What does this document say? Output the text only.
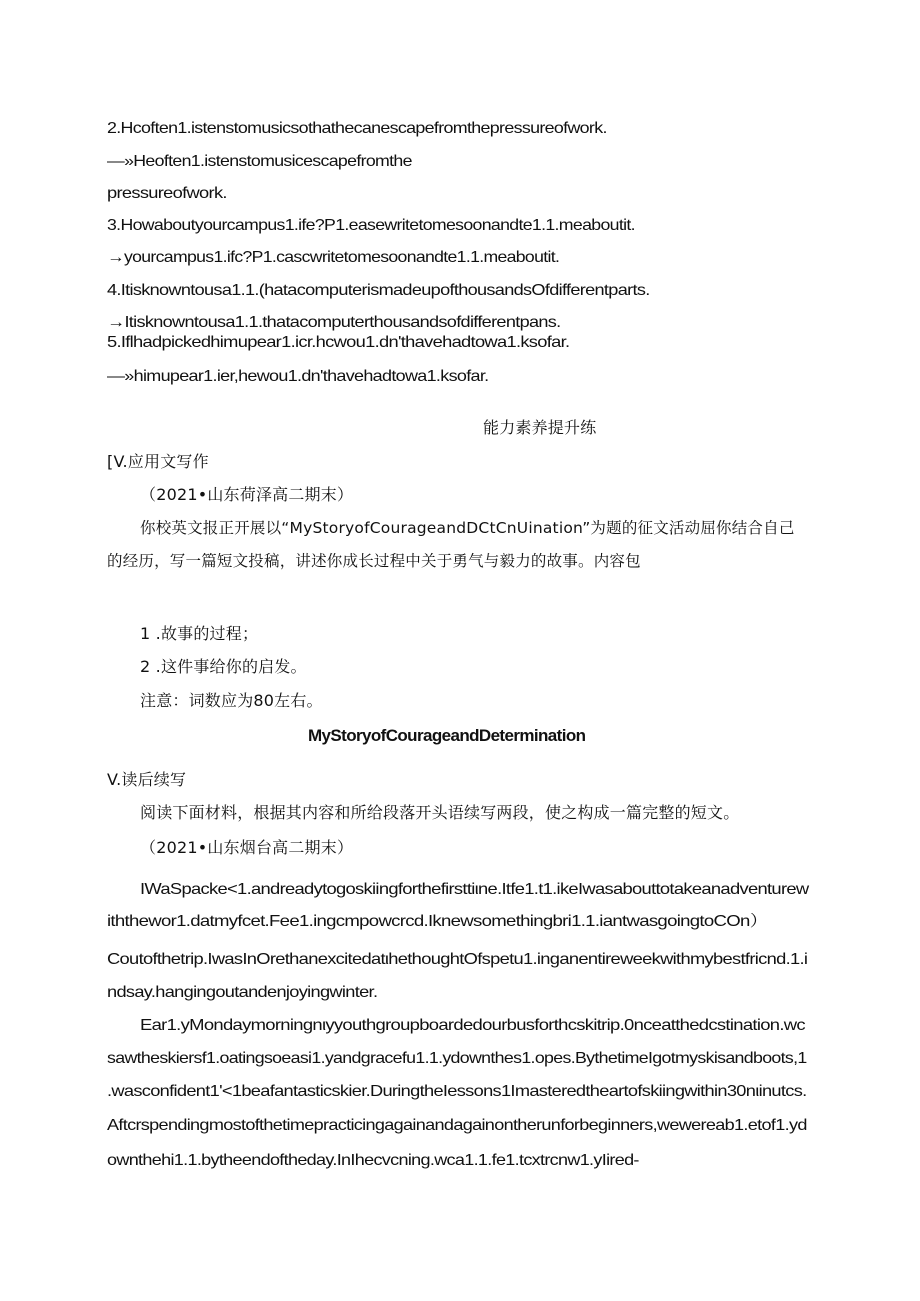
2.Hcoften1.istenstomusicsothathecanescapefromthepressureofwork.
—»Heoften1.istenstomusicescapefromthe
pressureofwork.
3.Howaboutyourcampus1.ife?P1.easewritetomesoonandte1.1.meaboutit.
→yourcampus1.ifc?P1.cascwritetomesoonandte1.1.meaboutit.
4.Itisknowntousa1.1.(hatacomputerismadeupofthousandsOfdifferentparts.
→Itisknowntousa1.1.thatacomputerthousandsofdifferentpans.
5.Iflhadpickedhimupear1.icr.hcwou1.dn'thavehadtowa1.ksofar.
—»himupear1.ier,hewou1.dn'thavehadtowa1.ksofar.
能力素养提升练
[V.应用文写作
（2021•山东荷泽高二期末）
你校英文报正开展以“MyStoryofCourageandDCtCnUination”为题的征文活动屈你结合自己
的经历，写一篇短文投稿，讲述你成长过程中关于勇气与毅力的故事。内容包
1 .故事的过程；
2 .这件事给你的启发。
注意：词数应为80左右。
MyStoryofCourageandDetermination
V.读后续写
阅读下面材料，根据其内容和所给段落开头语续写两段，使之构成一篇完整的短文。
（2021•山东烟台高二期末）
IWaSpacke<1.andreadytogoskiingforthefirsttiιne.Itfe1.t1.ikeIwasabouttotakeanadventurew
iththewor1.datmyfcet.Fee1.ingcmpowcrcd.Iknewsomethingbri1.1.iantwasgoingtoCOn）
Coutofthetrip.IwasInOrethanexcitedatιhethoughtOfspetu1.inganentireweekwithmybestfricnd.1.i
ndsay.hangingoutandenjoyingwinter.
Ear1.yMondaymorningnιyyouthgroupboardedourbusforthcskitrip.0nceatthedcstination.wc
sawtheskiersf1.oatingsoeasi1.yandgracefu1.1.ydownthes1.opes.BythetimeIgotmyskisandboots,1
.wasconfident1'<1beafantasticskier.DuringtheIessons1Imasteredtheartofskiingwithin30nιinutcs.
Aftcrspendingmostofthetimepracticingagainandagainontherunforbeginners,wewereab1.etof1.yd
ownthehi1.1.bytheendoftheday.InIhecvcning.wca1.1.fe1.tcxtrcnw1.yIired-
